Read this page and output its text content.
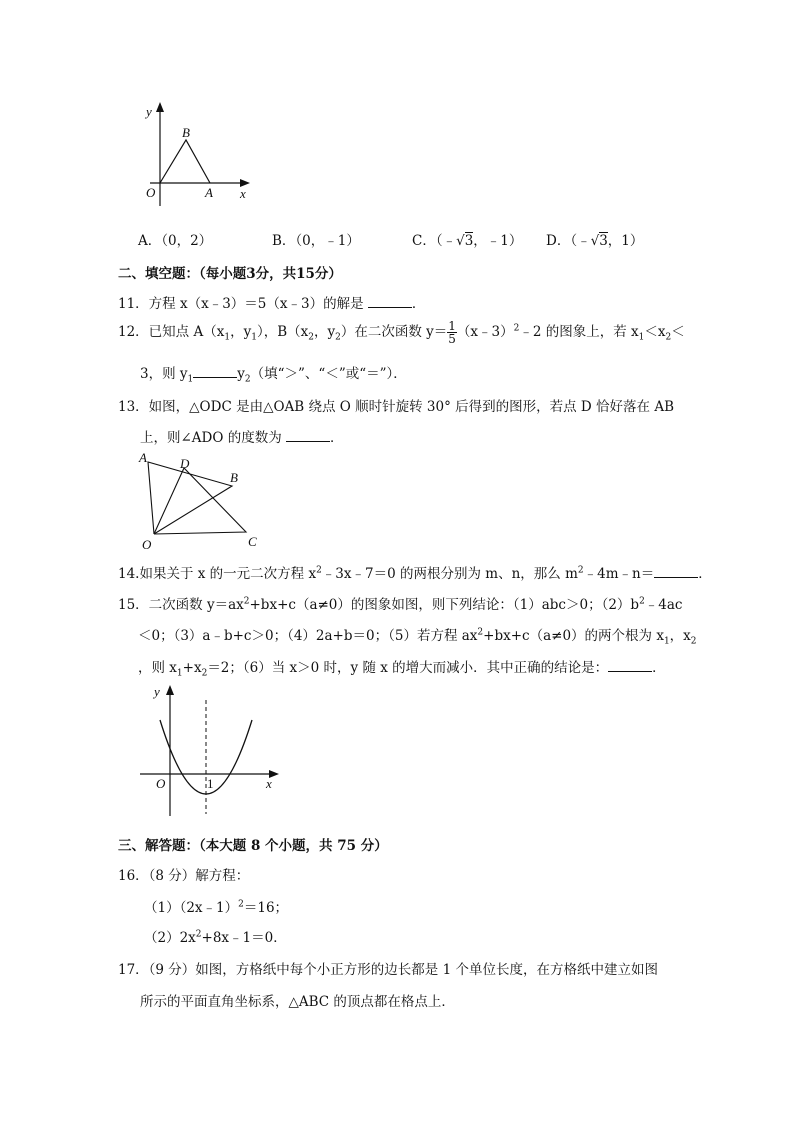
y
x
O	A
B
A．（0，2）	B．（0，﹣1）	C．（﹣√3，﹣1） D．（﹣√3，1）
二、填空题：（每小题3分，共15分）
11．方程 x（x﹣3）＝5（x﹣3）的解是	．
12．已知点 $A(x_1$，$y_1$），$B(x_2$，$y_2$）在二次函数 $y= \frac{1}{5}$ （x﹣3）$^2$﹣2 的图象上，若 $x_1<x_2<$
3，则 $y_1$	$y_2$（填“＞”、“＜”或“＝”）．
13．如图，△ODC 是由△OAB 绕点 O 顺时针旋转 30° 后得到的图形，若点 D 恰好落在 AB
上，则∠ADO 的度数为	．
A	D
B
O	C
14.如果关于 x 的一元二次方程 $x^2﹣3x﹣7=0$ 的两根分别为 m、n，那么 $m^2﹣4m﹣n=$	．
15．二次函数 $y=ax^2+bx+c(a\ne 0)$的图象如图，则下列结论：（1）abc＞0；$(2)b^2﹣4ac$
＜0；（3）a﹣b+c＞0；（4）2a+b＝0；（5）若方程 $ax^2+bx+c(a\ne 0)$的两个根为 $x_1$，$x_2$
，则 $x_1+x_2=2$；（6）当 x＞0 时，y 随 x 的增大而减小．其中正确的结论是：	．
y
x
O	1
三、解答题：（本大题 8 个小题，共 75 分）
16．（8 分）解方程：
（1）（2x﹣1）$^2$＝16；
$(2)2x^2+8x﹣1=0$．
17．（9 分）如图，方格纸中每个小正方形的边长都是 1 个单位长度，在方格纸中建立如图
所示的平面直角坐标系，△ABC 的顶点都在格点上．
